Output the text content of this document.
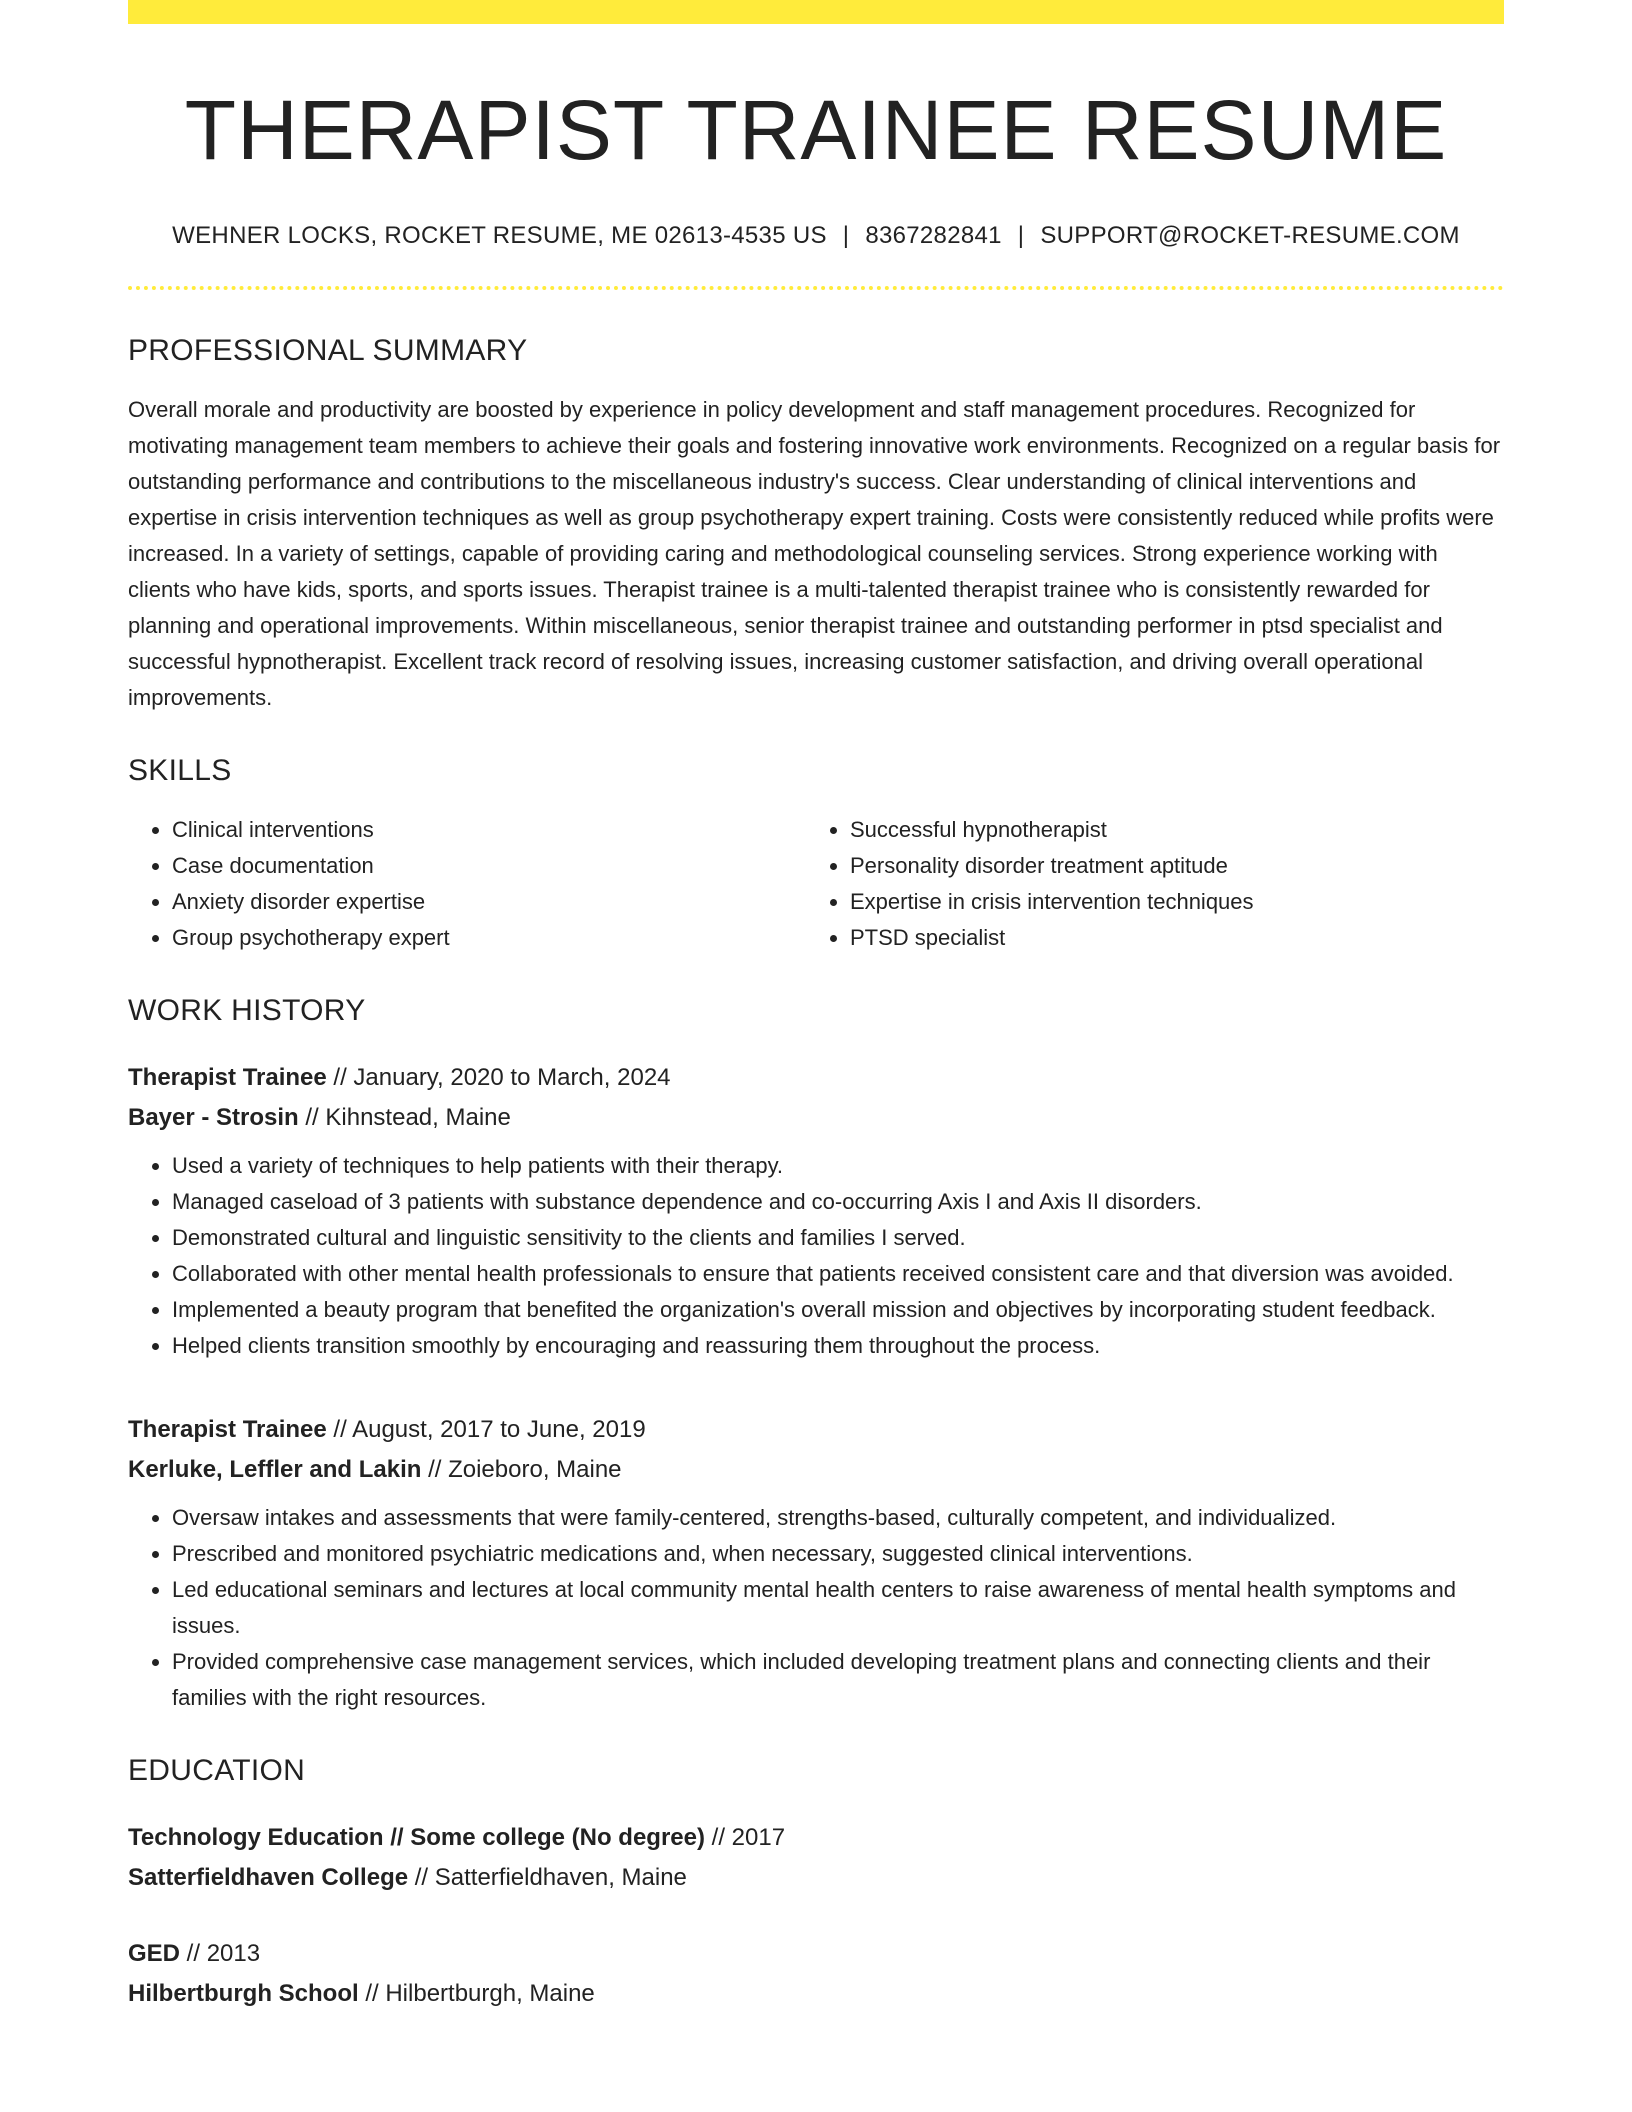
THERAPIST TRAINEE RESUME
WEHNER LOCKS, ROCKET RESUME, ME 02613-4535 US | 8367282841 | SUPPORT@ROCKET-RESUME.COM
PROFESSIONAL SUMMARY
Overall morale and productivity are boosted by experience in policy development and staff management procedures. Recognized for motivating management team members to achieve their goals and fostering innovative work environments. Recognized on a regular basis for outstanding performance and contributions to the miscellaneous industry's success. Clear understanding of clinical interventions and expertise in crisis intervention techniques as well as group psychotherapy expert training. Costs were consistently reduced while profits were increased. In a variety of settings, capable of providing caring and methodological counseling services. Strong experience working with clients who have kids, sports, and sports issues. Therapist trainee is a multi-talented therapist trainee who is consistently rewarded for planning and operational improvements. Within miscellaneous, senior therapist trainee and outstanding performer in ptsd specialist and successful hypnotherapist. Excellent track record of resolving issues, increasing customer satisfaction, and driving overall operational improvements.
SKILLS
• Clinical interventions
• Case documentation
• Anxiety disorder expertise
• Group psychotherapy expert
• Successful hypnotherapist
• Personality disorder treatment aptitude
• Expertise in crisis intervention techniques
• PTSD specialist
WORK HISTORY
Therapist Trainee // January, 2020 to March, 2024
Bayer - Strosin // Kihnstead, Maine
• Used a variety of techniques to help patients with their therapy.
• Managed caseload of 3 patients with substance dependence and co-occurring Axis I and Axis II disorders.
• Demonstrated cultural and linguistic sensitivity to the clients and families I served.
• Collaborated with other mental health professionals to ensure that patients received consistent care and that diversion was avoided.
• Implemented a beauty program that benefited the organization's overall mission and objectives by incorporating student feedback.
• Helped clients transition smoothly by encouraging and reassuring them throughout the process.
Therapist Trainee // August, 2017 to June, 2019
Kerluke, Leffler and Lakin // Zoieboro, Maine
• Oversaw intakes and assessments that were family-centered, strengths-based, culturally competent, and individualized.
• Prescribed and monitored psychiatric medications and, when necessary, suggested clinical interventions.
• Led educational seminars and lectures at local community mental health centers to raise awareness of mental health symptoms and issues.
• Provided comprehensive case management services, which included developing treatment plans and connecting clients and their families with the right resources.
EDUCATION
Technology Education // Some college (No degree) // 2017
Satterfieldhaven College // Satterfieldhaven, Maine
GED // 2013
Hilbertburgh School // Hilbertburgh, Maine
